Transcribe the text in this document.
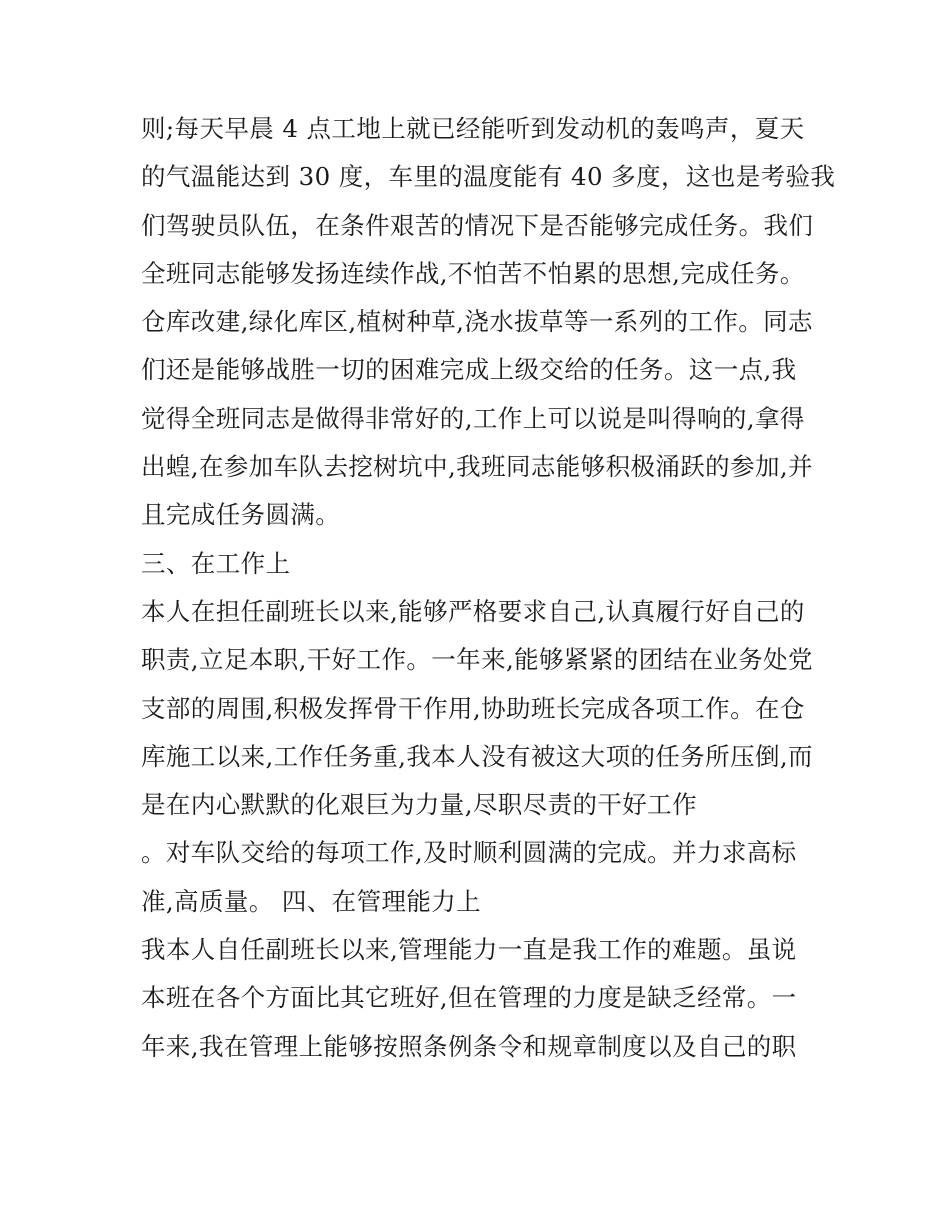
则;每天早晨 4 点工地上就已经能听到发动机的轰鸣声，夏天
的气温能达到 30 度，车里的温度能有 40 多度，这也是考验我
们驾驶员队伍，在条件艰苦的情况下是否能够完成任务。我们
全班同志能够发扬连续作战,不怕苦不怕累的思想,完成任务。
仓库改建,绿化库区,植树种草,浇水拔草等一系列的工作。同志
们还是能够战胜一切的困难完成上级交给的任务。这一点,我
觉得全班同志是做得非常好的,工作上可以说是叫得响的,拿得
出蝗,在参加车队去挖树坑中,我班同志能够积极涌跃的参加,并
且完成任务圆满。
三、在工作上
本人在担任副班长以来,能够严格要求自己,认真履行好自己的
职责,立足本职,干好工作。一年来,能够紧紧的团结在业务处党
支部的周围,积极发挥骨干作用,协助班长完成各项工作。在仓
库施工以来,工作任务重,我本人没有被这大项的任务所压倒,而
是在内心默默的化艰巨为力量,尽职尽责的干好工作
。对车队交给的每项工作,及时顺利圆满的完成。并力求高标
准,高质量。 四、在管理能力上
我本人自任副班长以来,管理能力一直是我工作的难题。虽说
本班在各个方面比其它班好,但在管理的力度是缺乏经常。一
年来,我在管理上能够按照条例条令和规章制度以及自己的职
